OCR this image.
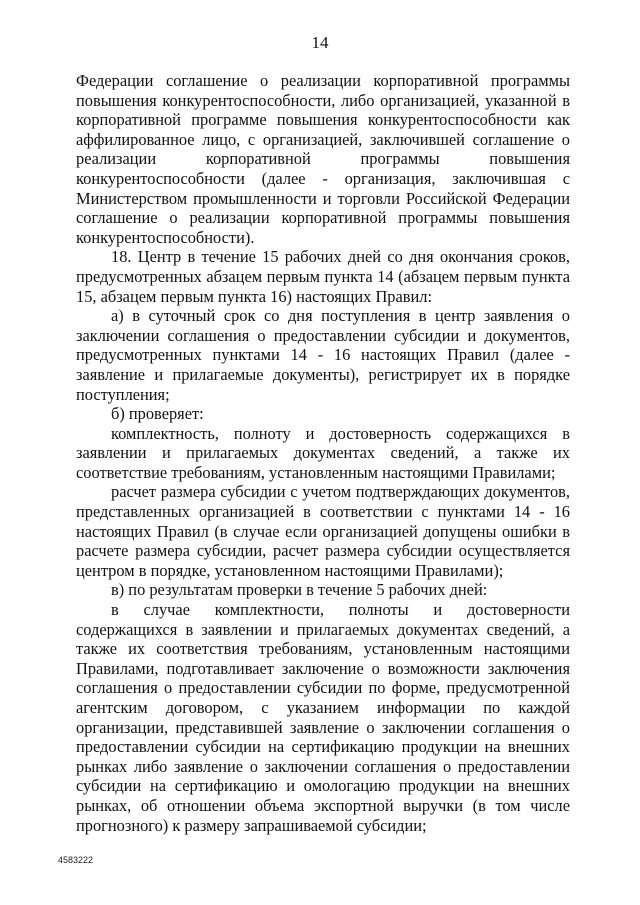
14

Федерации соглашение о реализации корпоративной программы повышения конкурентоспособности, либо организацией, указанной в корпоративной программе повышения конкурентоспособности как аффилированное лицо, с организацией, заключившей соглашение о реализации корпоративной программы повышения конкурентоспособности (далее - организация, заключившая с Министерством промышленности и торговли Российской Федерации соглашение о реализации корпоративной программы повышения конкурентоспособности).

18. Центр в течение 15 рабочих дней со дня окончания сроков, предусмотренных абзацем первым пункта 14 (абзацем первым пункта 15, абзацем первым пункта 16) настоящих Правил:

а) в суточный срок со дня поступления в центр заявления о заключении соглашения о предоставлении субсидии и документов, предусмотренных пунктами 14 - 16 настоящих Правил (далее - заявление и прилагаемые документы), регистрирует их в порядке поступления;

б) проверяет:

комплектность, полноту и достоверность содержащихся в заявлении и прилагаемых документах сведений, а также их соответствие требованиям, установленным настоящими Правилами;

расчет размера субсидии с учетом подтверждающих документов, представленных организацией в соответствии с пунктами 14 - 16 настоящих Правил (в случае если организацией допущены ошибки в расчете размера субсидии, расчет размера субсидии осуществляется центром в порядке, установленном настоящими Правилами);

в) по результатам проверки в течение 5 рабочих дней:

в случае комплектности, полноты и достоверности содержащихся в заявлении и прилагаемых документах сведений, а также их соответствия требованиям, установленным настоящими Правилами, подготавливает заключение о возможности заключения соглашения о предоставлении субсидии по форме, предусмотренной агентским договором, с указанием информации по каждой организации, представившей заявление о заключении соглашения о предоставлении субсидии на сертификацию продукции на внешних рынках либо заявление о заключении соглашения о предоставлении субсидии на сертификацию и омологацию продукции на внешних рынках, об отношении объема экспортной выручки (в том числе прогнозного) к размеру запрашиваемой субсидии;

4583222
